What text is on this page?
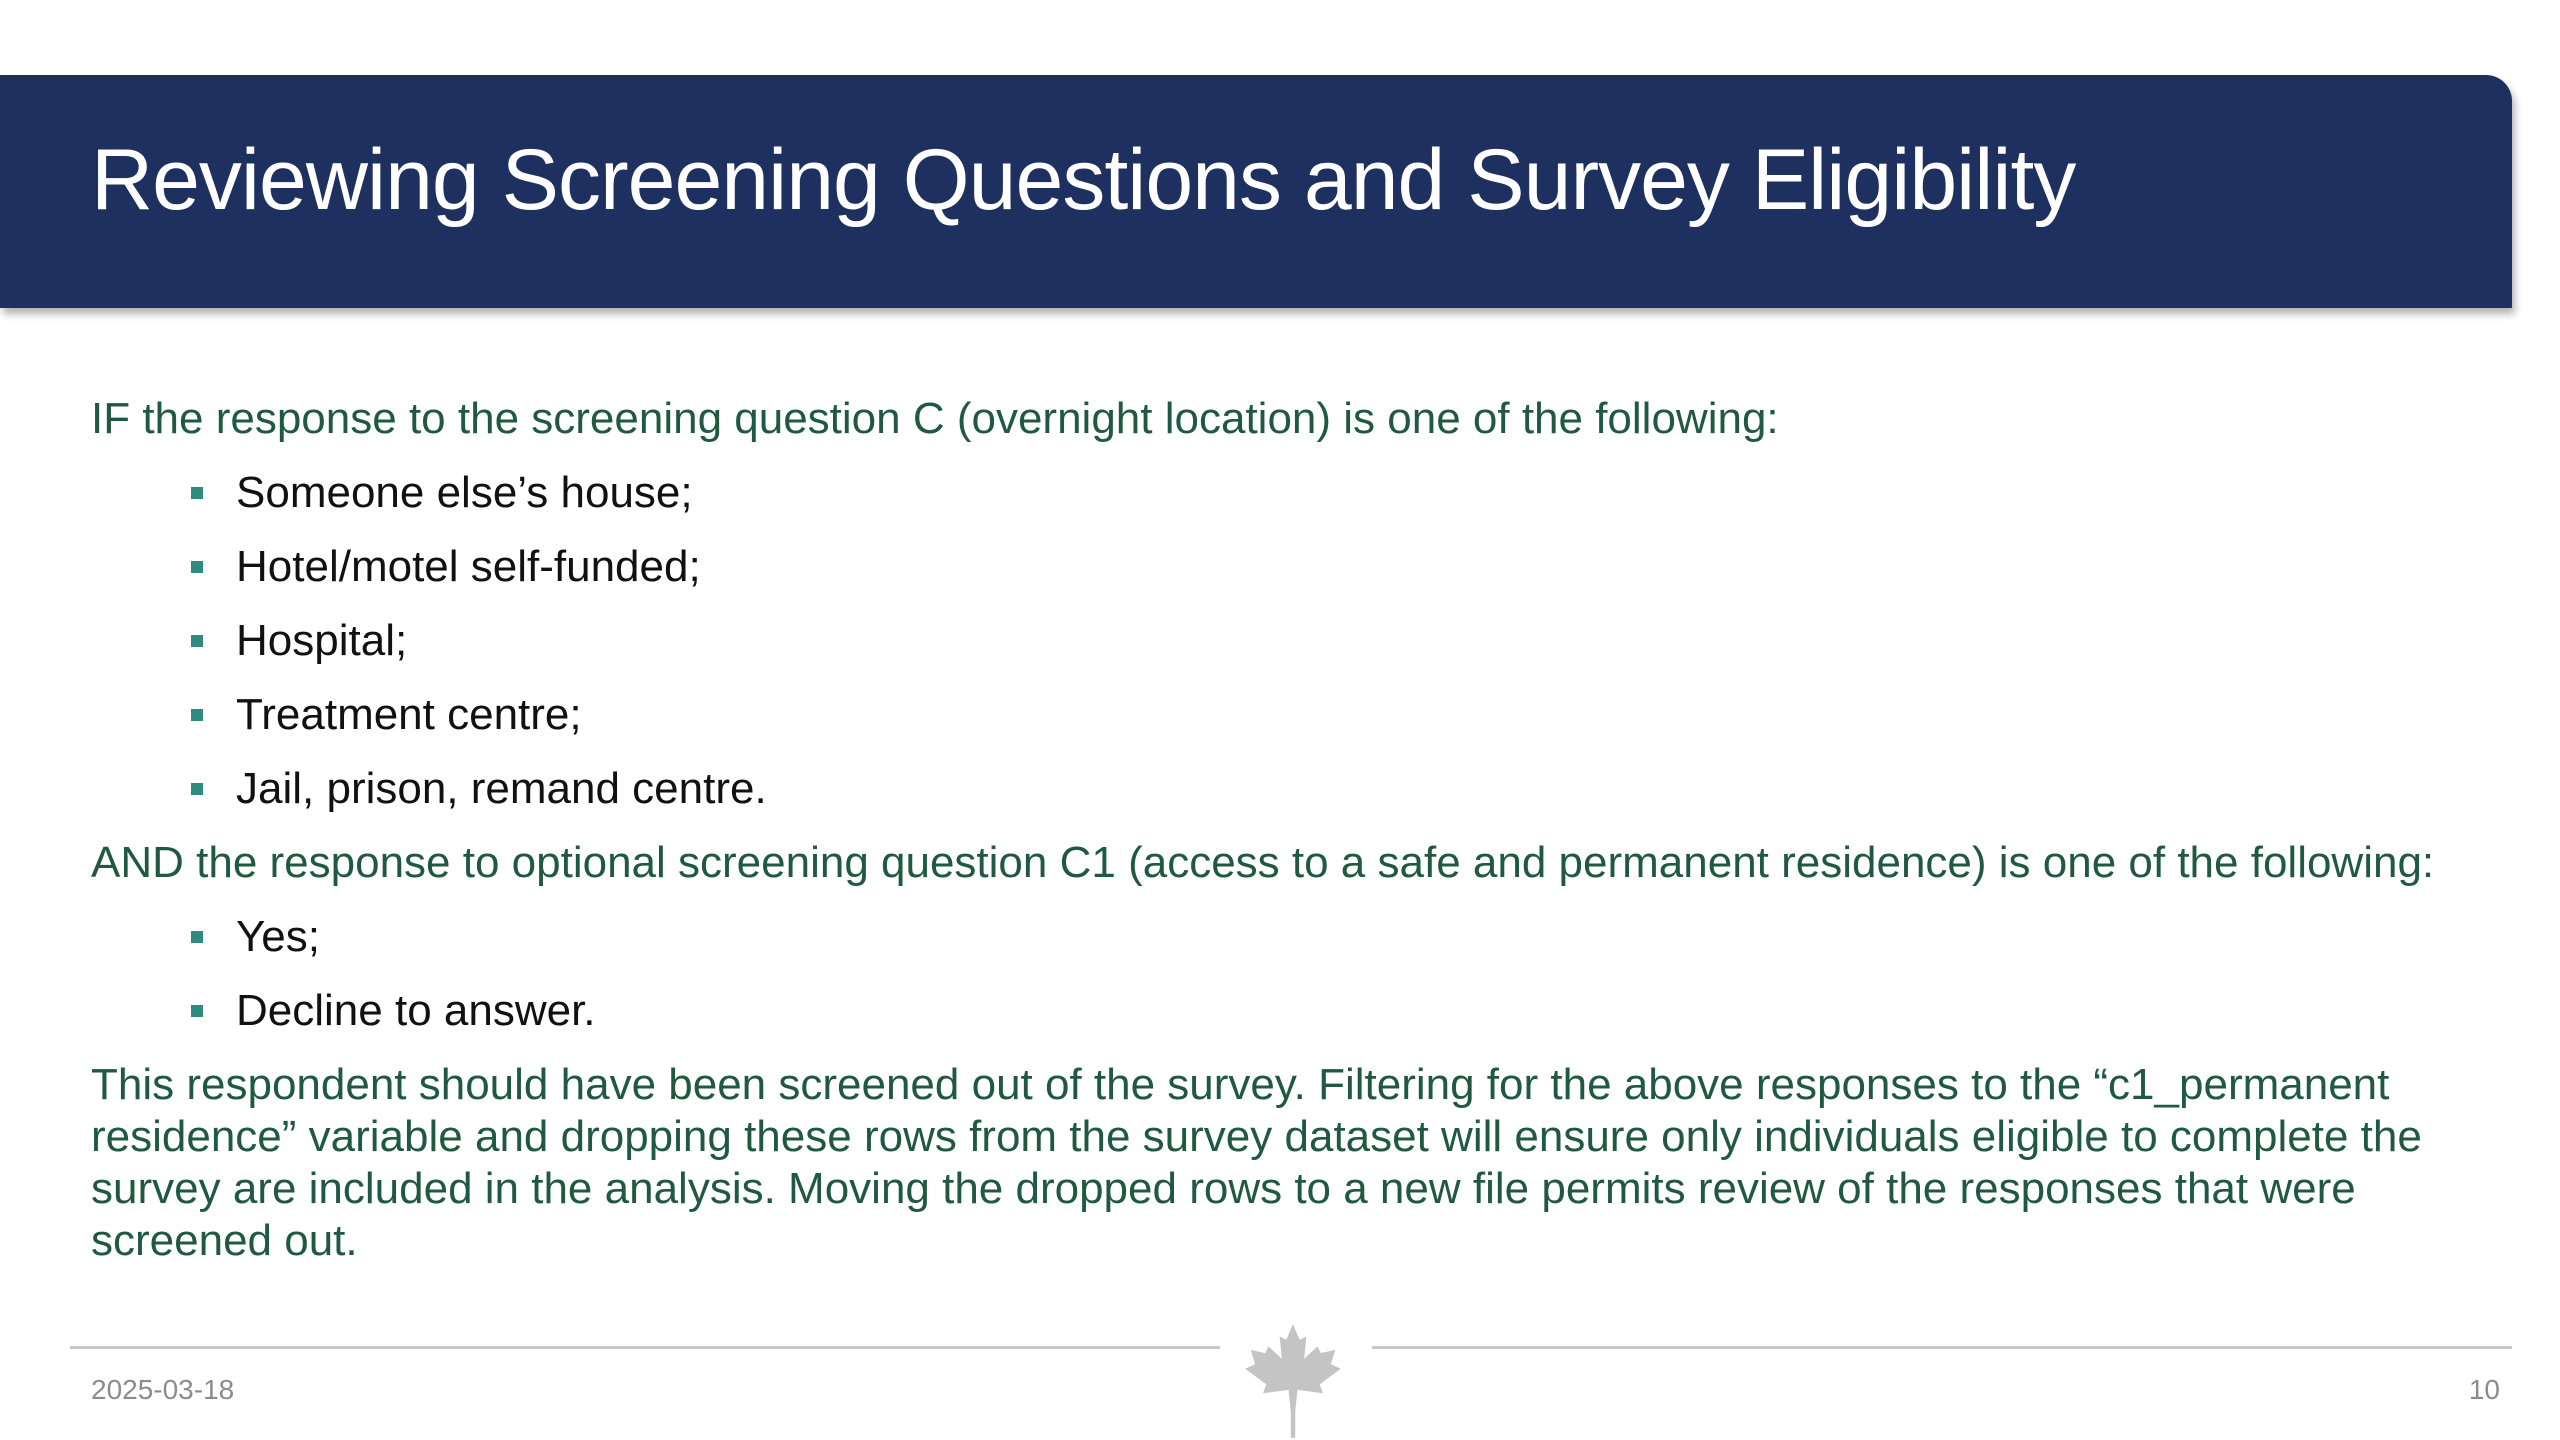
Reviewing Screening Questions and Survey Eligibility

IF the response to the screening question C (overnight location) is one of the following:

Someone else’s house;
Hotel/motel self-funded;
Hospital;
Treatment centre;
Jail, prison, remand centre.

AND the response to optional screening question C1 (access to a safe and permanent residence) is one of the following:

Yes;
Decline to answer.

This respondent should have been screened out of the survey. Filtering for the above responses to the “c1_permanent residence” variable and dropping these rows from the survey dataset will ensure only individuals eligible to complete the survey are included in the analysis. Moving the dropped rows to a new file permits review of the responses that were screened out.

2025-03-18	10
